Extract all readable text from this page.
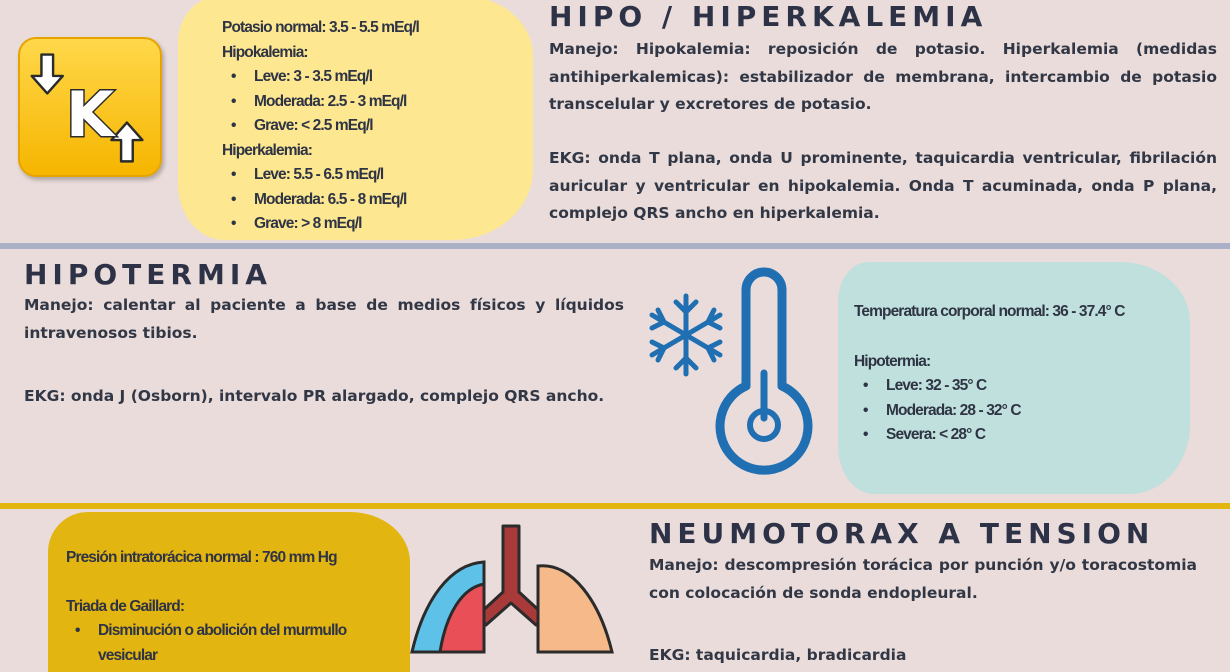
K
Potasio normal: 3.5 - 5.5 mEq/l
Hipokalemia:
• Leve: 3 - 3.5 mEq/l
• Moderada: 2.5 - 3 mEq/l
• Grave: < 2.5 mEq/l
Hiperkalemia:
• Leve: 5.5 - 6.5 mEq/l
• Moderada: 6.5 - 8 mEq/l
• Grave: > 8 mEq/l
HIPO / HIPERKALEMIA
Manejo: Hipokalemia: reposición de potasio. Hiperkalemia (medidas antihiperkalemicas): estabilizador de membrana, intercambio de potasio transcelular y excretores de potasio.
EKG: onda T plana, onda U prominente, taquicardia ventricular, fibrilación auricular y ventricular en hipokalemia. Onda T acuminada, onda P plana, complejo QRS ancho en hiperkalemia.
HIPOTERMIA
Manejo: calentar al paciente a base de medios físicos y líquidos intravenosos tibios.
EKG: onda J (Osborn), intervalo PR alargado, complejo QRS ancho.
Temperatura corporal normal: 36 - 37.4° C
Hipotermia:
• Leve: 32 - 35° C
• Moderada: 28 - 32° C
• Severa: < 28° C
Presión intratorácica normal : 760 mm Hg
Triada de Gaillard:
• Disminución o abolición del murmullo vesicular
NEUMOTORAX A TENSION
Manejo: descompresión torácica por punción y/o toracostomia con colocación de sonda endopleural.
EKG: taquicardia, bradicardia
